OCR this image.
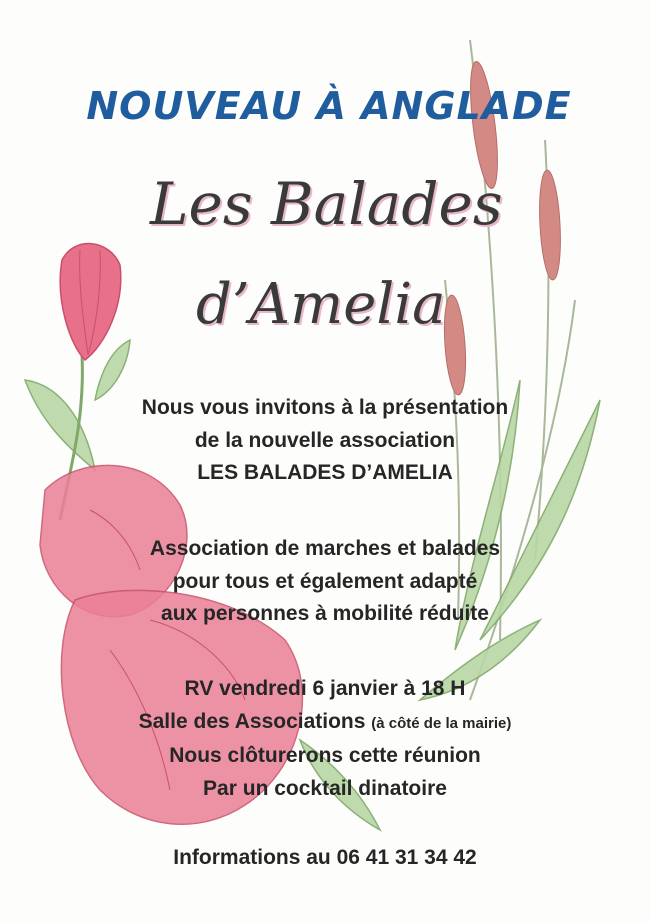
NOUVEAU À ANGLADE
Les Balades
d’Amelia

Nous vous invitons à la présentation

de la nouvelle association

LES BALADES D’AMELIA

Association de marches et balades

pour tous et également adapté

aux personnes à mobilité réduite

RV vendredi 6 janvier à 18 H

Salle des Associations (à côté de la mairie)

Nous clôturerons cette réunion

Par un cocktail dinatoire

Informations au 06 41 31 34 42
